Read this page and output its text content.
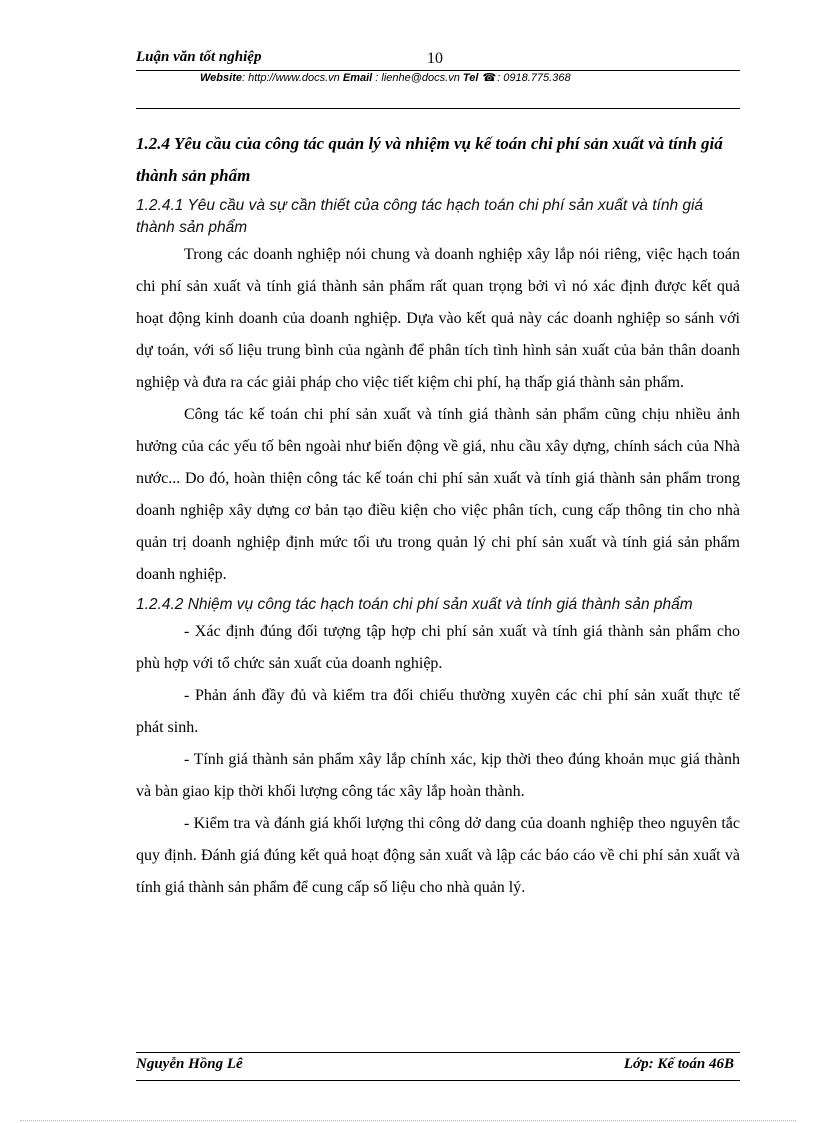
Luận văn tốt nghiệp	10
Website: http://www.docs.vn Email : lienhe@docs.vn Tel ☎: 0918.775.368

1.2.4 Yêu cầu của công tác quản lý và nhiệm vụ kế toán chi phí sản xuất và tính giá thành sản phẩm

1.2.4.1 Yêu cầu và sự cần thiết của công tác hạch toán chi phí sản xuất và tính giá thành sản phẩm

Trong các doanh nghiệp nói chung và doanh nghiệp xây lắp nói riêng, việc hạch toán chi phí sản xuất và tính giá thành sản phẩm rất quan trọng bởi vì nó xác định được kết quả hoạt động kinh doanh của doanh nghiệp. Dựa vào kết quả này các doanh nghiệp so sánh với dự toán, với số liệu trung bình của ngành để phân tích tình hình sản xuất của bản thân doanh nghiệp và đưa ra các giải pháp cho việc tiết kiệm chi phí, hạ thấp giá thành sản phẩm.

Công tác kế toán chi phí sản xuất và tính giá thành sản phẩm cũng chịu nhiều ảnh hưởng của các yếu tố bên ngoài như biến động về giá, nhu cầu xây dựng, chính sách của Nhà nước... Do đó, hoàn thiện công tác kế toán chi phí sản xuất và tính giá thành sản phẩm trong doanh nghiệp xây dựng cơ bản tạo điều kiện cho việc phân tích, cung cấp thông tin cho nhà quản trị doanh nghiệp định mức tối ưu trong quản lý chi phí sản xuất và tính giá sản phẩm doanh nghiệp.

1.2.4.2 Nhiệm vụ công tác hạch toán chi phí sản xuất và tính giá thành sản phẩm

- Xác định đúng đối tượng tập hợp chi phí sản xuất và tính giá thành sản phẩm cho phù hợp với tổ chức sản xuất của doanh nghiệp.

- Phản ánh đầy đủ và kiểm tra đối chiếu thường xuyên các chi phí sản xuất thực tế phát sinh.

- Tính giá thành sản phẩm xây lắp chính xác, kịp thời theo đúng khoản mục giá thành và bàn giao kịp thời khối lượng công tác xây lắp hoàn thành.

- Kiểm tra và đánh giá khối lượng thi công dở dang của doanh nghiệp theo nguyên tắc quy định. Đánh giá đúng kết quả hoạt động sản xuất và lập các báo cáo về chi phí sản xuất và tính giá thành sản phẩm để cung cấp số liệu cho nhà quản lý.

Nguyễn Hồng Lê	Lớp: Kế toán 46B
